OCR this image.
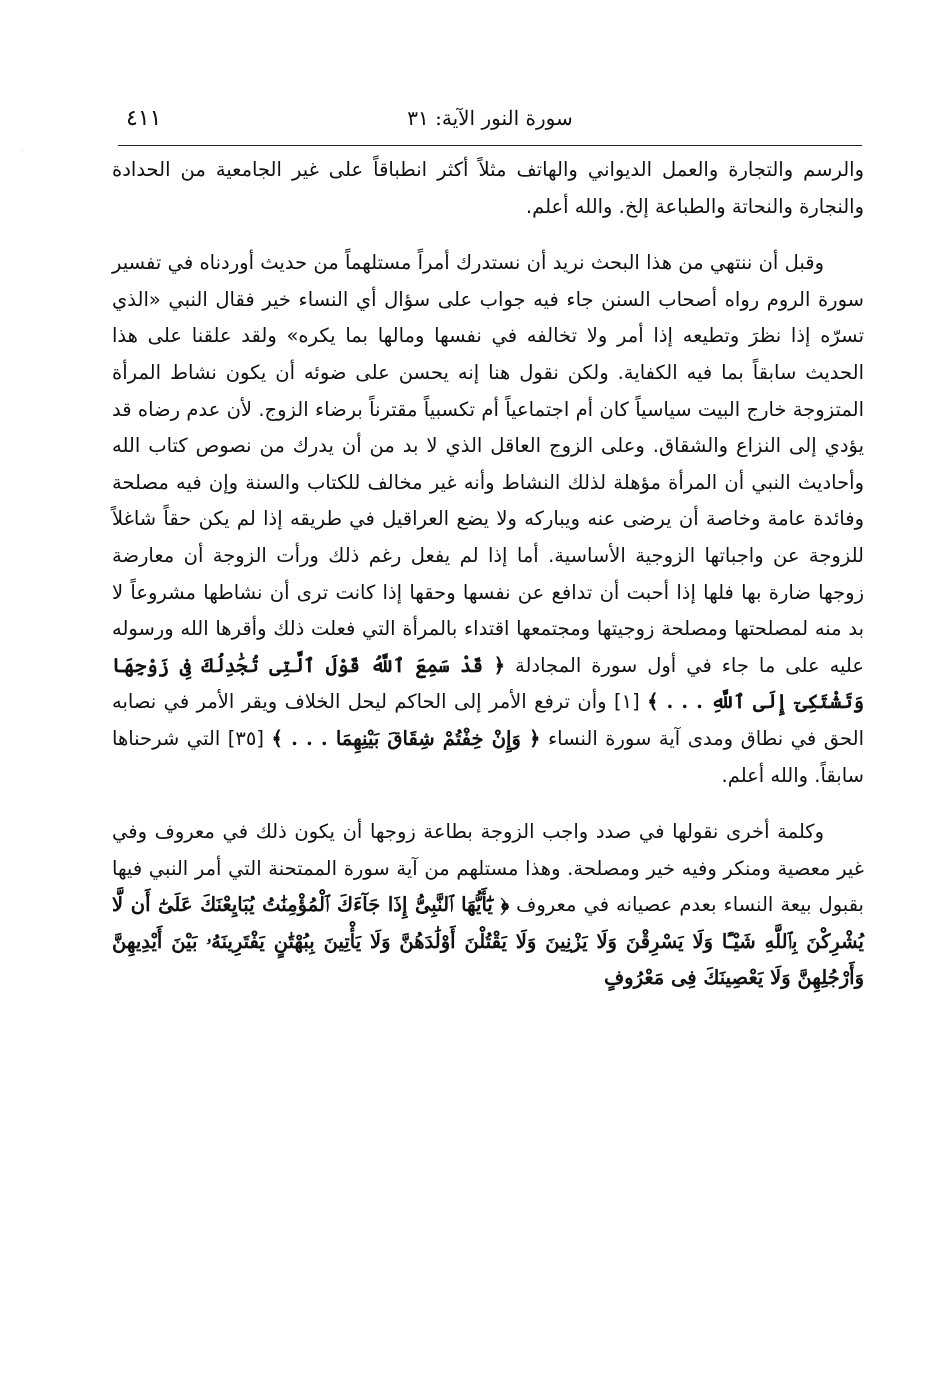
سورة النور الآية: ٣١
٤١١

والرسم والتجارة والعمل الديواني والهاتف مثلاً أكثر انطباقاً على غير الجامعية من الحدادة والنجارة والنحاتة والطباعة إلخ. والله أعلم.

وقبل أن ننتهي من هذا البحث نريد أن نستدرك أمراً مستلهماً من حديث أوردناه في تفسير سورة الروم رواه أصحاب السنن جاء فيه جواب على سؤال أي النساء خير فقال النبي «الذي تسرّه إذا نظرَ وتطيعه إذا أمر ولا تخالفه في نفسها ومالها بما يكره» ولقد علقنا على هذا الحديث سابقاً بما فيه الكفاية. ولكن نقول هنا إنه يحسن على ضوئه أن يكون نشاط المرأة المتزوجة خارج البيت سياسياً كان أم اجتماعياً أم تكسبياً مقترناً برضاء الزوج. لأن عدم رضاه قد يؤدي إلى النزاع والشقاق. وعلى الزوج العاقل الذي لا بد من أن يدرك من نصوص كتاب الله وأحاديث النبي أن المرأة مؤهلة لذلك النشاط وأنه غير مخالف للكتاب والسنة وإن فيه مصلحة وفائدة عامة وخاصة أن يرضى عنه ويباركه ولا يضع العراقيل في طريقه إذا لم يكن حقاً شاغلاً للزوجة عن واجباتها الزوجية الأساسية. أما إذا لم يفعل رغم ذلك ورأت الزوجة أن معارضة زوجها ضارة بها فلها إذا أحبت أن تدافع عن نفسها وحقها إذا كانت ترى أن نشاطها مشروعاً لا بد منه لمصلحتها ومصلحة زوجيتها ومجتمعها اقتداء بالمرأة التي فعلت ذلك وأقرها الله ورسوله عليه على ما جاء في أول سورة المجادلة ﴿ قَدْ سَمِعَ ٱللَّهُ قَوْلَ ٱلَّتِى تُجَٰدِلُكَ فِى زَوْجِهَا وَتَشْتَكِىٓ إِلَى ٱللَّهِ . . . ﴾ [١] وأن ترفع الأمر إلى الحاكم ليحل الخلاف ويقر الأمر في نصابه الحق في نطاق ومدى آية سورة النساء ﴿ وَإِنْ خِفْتُمْ شِقَاقَ بَيْنِهِمَا . . . ﴾ [٣٥] التي شرحناها سابقاً. والله أعلم.

وكلمة أخرى نقولها في صدد واجب الزوجة بطاعة زوجها أن يكون ذلك في معروف وفي غير معصية ومنكر وفيه خير ومصلحة. وهذا مستلهم من آية سورة الممتحنة التي أمر النبي فيها بقبول بيعة النساء بعدم عصيانه في معروف ﴿ يَٰٓأَيُّهَا ٱلنَّبِىُّ إِذَا جَآءَكَ ٱلْمُؤْمِنَٰتُ يُبَايِعْنَكَ عَلَىٰٓ أَن لَّا يُشْرِكْنَ بِٱللَّهِ شَيْـًٔا وَلَا يَسْرِقْنَ وَلَا يَزْنِينَ وَلَا يَقْتُلْنَ أَوْلَٰدَهُنَّ وَلَا يَأْتِينَ بِبُهْتَٰنٍ يَفْتَرِينَهُۥ بَيْنَ أَيْدِيهِنَّ وَأَرْجُلِهِنَّ وَلَا يَعْصِينَكَ فِى مَعْرُوفٍ
